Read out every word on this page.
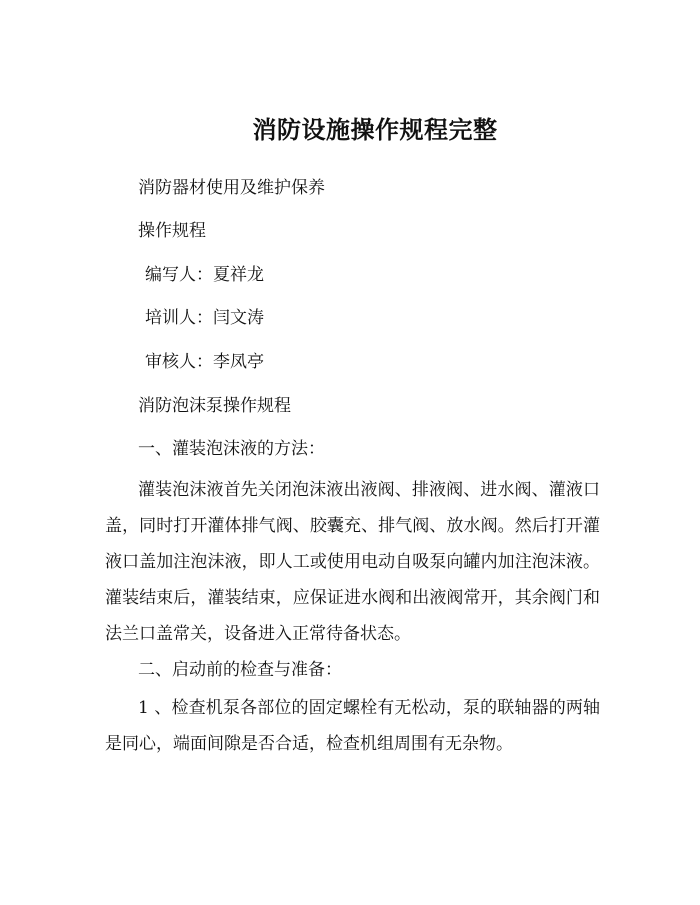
消防设施操作规程完整
消防器材使用及维护保养
操作规程
编写人：夏祥龙
培训人：闫文涛
审核人：李凤亭
消防泡沫泵操作规程
一、灌装泡沫液的方法：

灌装泡沫液首先关闭泡沫液出液阀、排液阀、进水阀、灌液口盖，同时打开灌体排气阀、胶囊充、排气阀、放水阀。然后打开灌液口盖加注泡沫液，即人工或使用电动自吸泵向罐内加注泡沫液。灌装结束后，灌装结束，应保证进水阀和出液阀常开，其余阀门和法兰口盖常关，设备进入正常待备状态。

二、启动前的检查与准备：

1 、检查机泵各部位的固定螺栓有无松动，泵的联轴器的两轴是同心，端面间隙是否合适，检查机组周围有无杂物。
